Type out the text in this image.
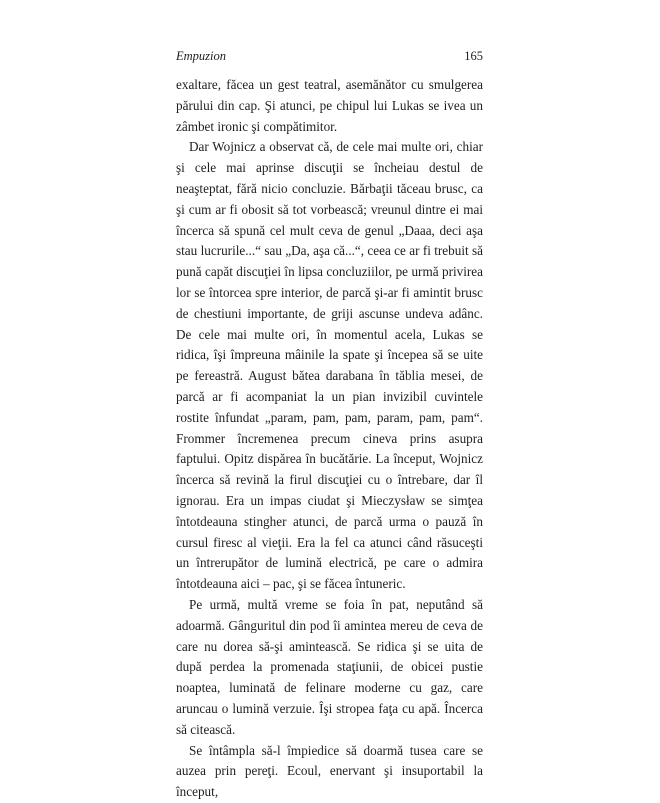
Empuzion	165

exaltare, făcea un gest teatral, asemănător cu smulgerea părului din cap. Şi atunci, pe chipul lui Lukas se ivea un zâmbet ironic şi compătimitor.

Dar Wojnicz a observat că, de cele mai multe ori, chiar şi cele mai aprinse discuţii se încheiau destul de neaşteptat, fără nicio concluzie. Bărbaţii tăceau brusc, ca şi cum ar fi obosit să tot vorbească; vreunul dintre ei mai încerca să spună cel mult ceva de genul „Daaa, deci aşa stau lucrurile...“ sau „Da, aşa că...“, ceea ce ar fi trebuit să pună capăt discuţiei în lipsa concluziilor, pe urmă privirea lor se întorcea spre interior, de parcă şi-ar fi amintit brusc de chestiuni importante, de griji ascunse undeva adânc. De cele mai multe ori, în momentul acela, Lukas se ridica, îşi împreuna mâinile la spate şi începea să se uite pe fereastră. August bătea darabana în tăblia mesei, de parcă ar fi acompaniat la un pian invizibil cuvintele rostite înfundat „param, pam, pam, param, pam, pam“. Frommer încremenea precum cineva prins asupra faptului. Opitz dispărea în bucătărie. La început, Wojnicz încerca să revină la firul discuţiei cu o întrebare, dar îl ignorau. Era un impas ciudat şi Mieczysław se simţea întotdeauna stingher atunci, de parcă urma o pauză în cursul firesc al vieţii. Era la fel ca atunci când răsuceşti un întrerupător de lumină electrică, pe care o admira întotdeauna aici – pac, şi se făcea întuneric.

Pe urmă, multă vreme se foia în pat, neputând să adoarmă. Gânguritul din pod îi amintea mereu de ceva de care nu dorea să-şi amintească. Se ridica şi se uita de după perdea la promenada staţiunii, de obicei pustie noaptea, luminată de felinare moderne cu gaz, care aruncau o lumină verzuie. Îşi stropea faţa cu apă. Încerca să citească.

Se întâmpla să-l împiedice să doarmă tusea care se auzea prin pereţi. Ecoul, enervant şi insuportabil la început,
